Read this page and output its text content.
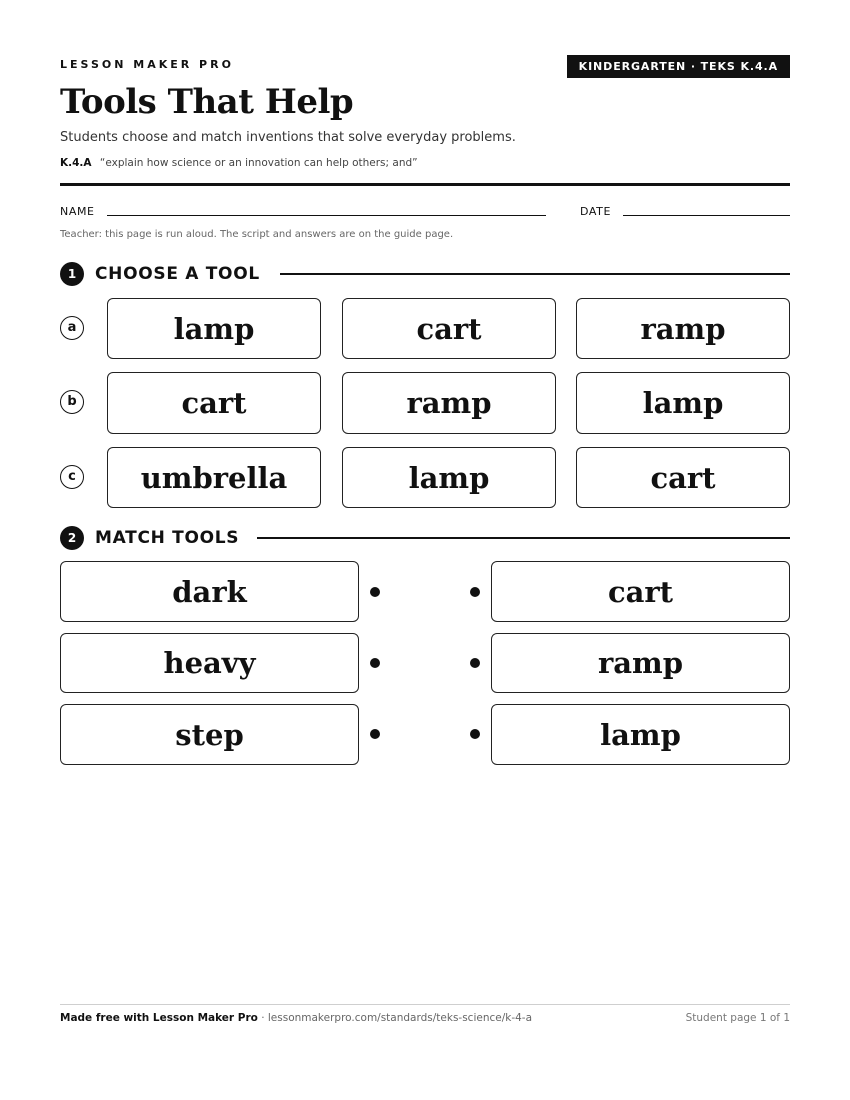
LESSON MAKER PRO	KINDERGARTEN · TEKS K.4.A
Tools That Help
Students choose and match inventions that solve everyday problems.
K.4.A “explain how science or an innovation can help others; and”
NAME	DATE
Teacher: this page is run aloud. The script and answers are on the guide page.
1	CHOOSE A TOOL
a	lamp	cart	ramp
b	cart	ramp	lamp
c	umbrella	lamp	cart
2	MATCH TOOLS
dark	cart
heavy	ramp
step	lamp
Made free with Lesson Maker Pro · lessonmakerpro.com/standards/teks-science/k-4-a	Student page 1 of 1
